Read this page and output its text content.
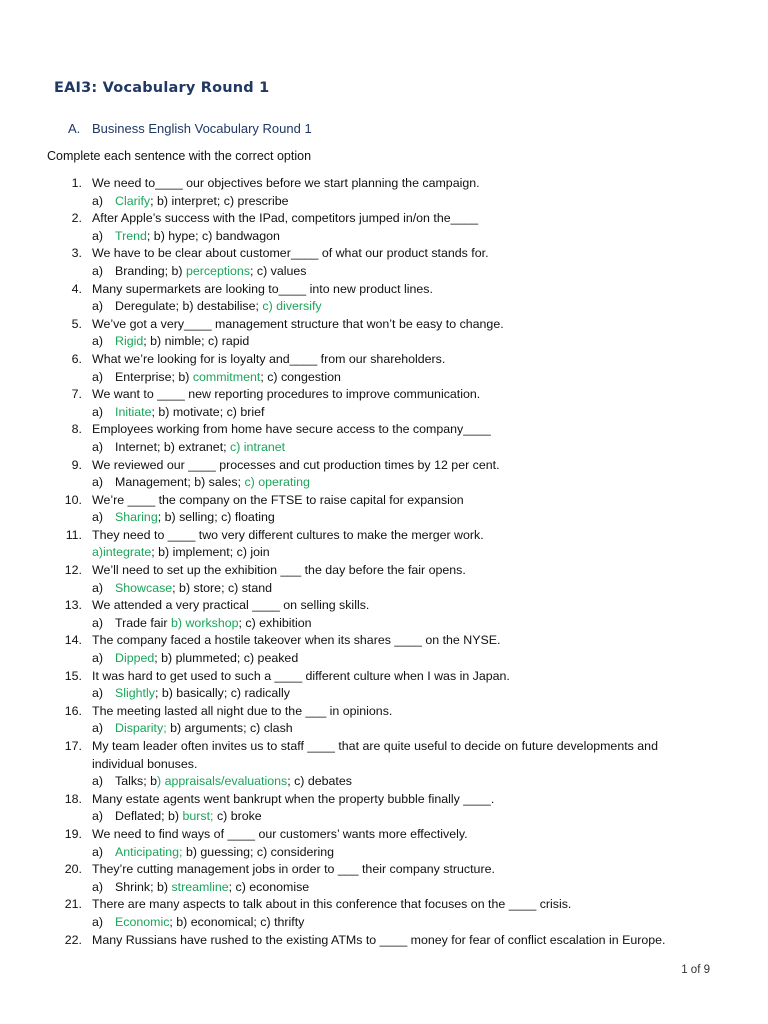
EAI3: Vocabulary Round 1
A. Business English Vocabulary Round 1
Complete each sentence with the correct option
1. We need to____ our objectives before we start planning the campaign.
a) Clarify; b) interpret; c) prescribe
2. After Apple’s success with the IPad, competitors jumped in/on the____
a) Trend; b) hype; c) bandwagon
3. We have to be clear about customer____ of what our product stands for.
a) Branding; b) perceptions; c) values
4. Many supermarkets are looking to____ into new product lines.
a) Deregulate; b) destabilise; c) diversify
5. We’ve got a very____ management structure that won’t be easy to change.
a) Rigid; b) nimble; c) rapid
6. What we’re looking for is loyalty and____ from our shareholders.
a) Enterprise; b) commitment; c) congestion
7. We want to ____ new reporting procedures to improve communication.
a) Initiate; b) motivate; c) brief
8. Employees working from home have secure access to the company____
a) Internet; b) extranet; c) intranet
9. We reviewed our ____ processes and cut production times by 12 per cent.
a) Management; b) sales; c) operating
10. We’re ____ the company on the FTSE to raise capital for expansion
a) Sharing; b) selling; c) floating
11. They need to ____ two very different cultures to make the merger work.
a)integrate; b) implement; c) join
12. We’ll need to set up the exhibition ___ the day before the fair opens.
a) Showcase; b) store; c) stand
13. We attended a very practical ____ on selling skills.
a) Trade fair b) workshop; c) exhibition
14. The company faced a hostile takeover when its shares ____ on the NYSE.
a) Dipped; b) plummeted; c) peaked
15. It was hard to get used to such a ____ different culture when I was in Japan.
a) Slightly; b) basically; c) radically
16. The meeting lasted all night due to the ___ in opinions.
a) Disparity; b) arguments; c) clash
17. My team leader often invites us to staff ____ that are quite useful to decide on future developments and individual bonuses.
a) Talks; b) appraisals/evaluations; c) debates
18. Many estate agents went bankrupt when the property bubble finally ____.
a) Deflated; b) burst; c) broke
19. We need to find ways of ____ our customers’ wants more effectively.
a) Anticipating; b) guessing; c) considering
20. They’re cutting management jobs in order to ___ their company structure.
a) Shrink; b) streamline; c) economise
21. There are many aspects to talk about in this conference that focuses on the ____ crisis.
a) Economic; b) economical; c) thrifty
22. Many Russians have rushed to the existing ATMs to ____ money for fear of conflict escalation in Europe.
1 of 9
